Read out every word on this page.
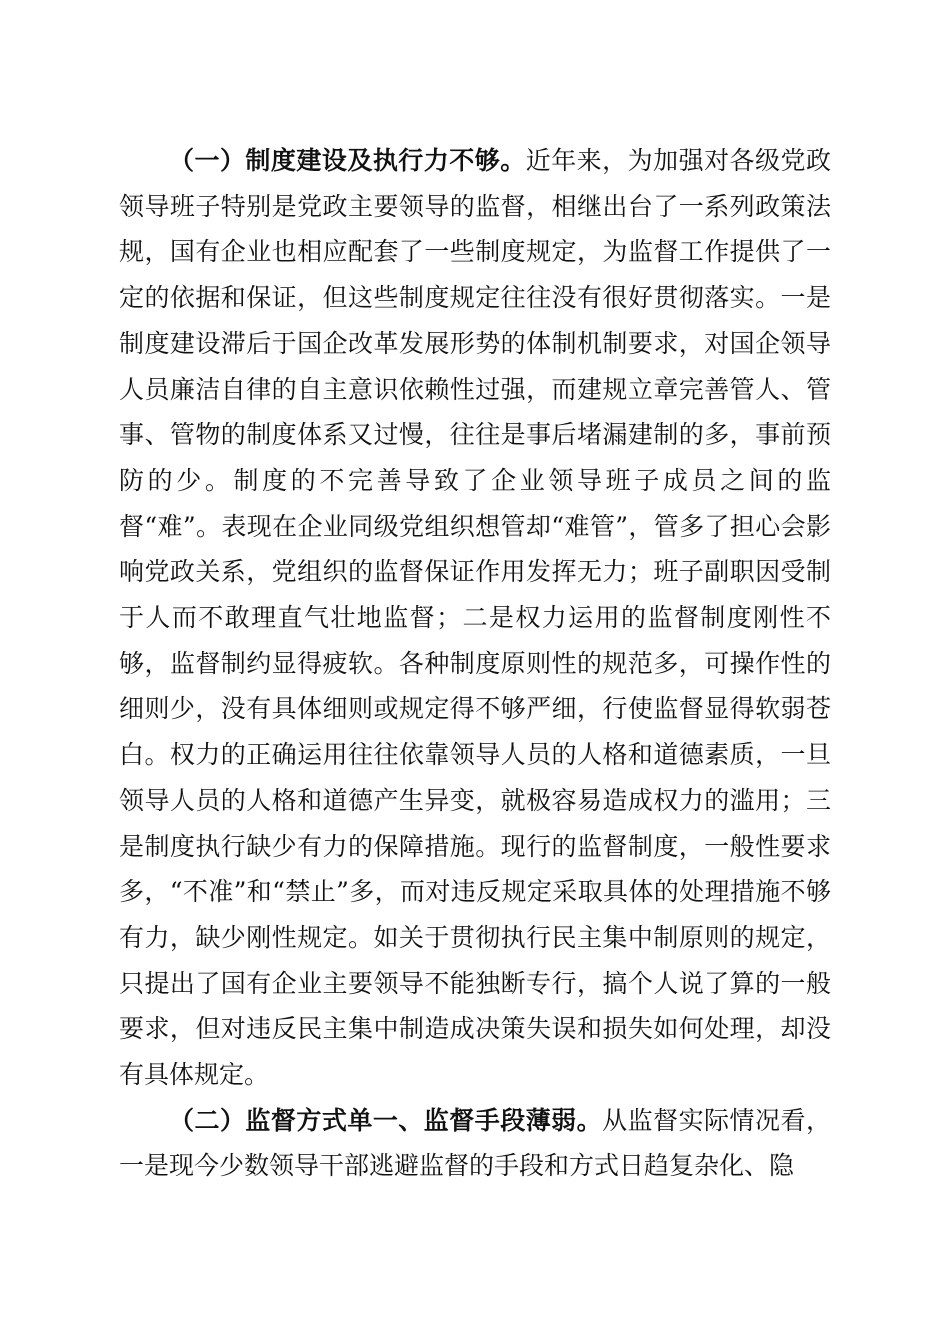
（一）制度建设及执行力不够。近年来，为加强对各级党政领导班子特别是党政主要领导的监督，相继出台了一系列政策法规，国有企业也相应配套了一些制度规定，为监督工作提供了一定的依据和保证，但这些制度规定往往没有很好贯彻落实。一是制度建设滞后于国企改革发展形势的体制机制要求，对国企领导人员廉洁自律的自主意识依赖性过强，而建规立章完善管人、管事、管物的制度体系又过慢，往往是事后堵漏建制的多，事前预防的少。制度的不完善导致了企业领导班子成员之间的监督“难”。表现在企业同级党组织想管却“难管”，管多了担心会影响党政关系，党组织的监督保证作用发挥无力；班子副职因受制于人而不敢理直气壮地监督；二是权力运用的监督制度刚性不够，监督制约显得疲软。各种制度原则性的规范多，可操作性的细则少，没有具体细则或规定得不够严细，行使监督显得软弱苍白。权力的正确运用往往依靠领导人员的人格和道德素质，一旦领导人员的人格和道德产生异变，就极容易造成权力的滥用；三是制度执行缺少有力的保障措施。现行的监督制度，一般性要求多，“不准”和“禁止”多，而对违反规定采取具体的处理措施不够有力，缺少刚性规定。如关于贯彻执行民主集中制原则的规定，只提出了国有企业主要领导不能独断专行，搞个人说了算的一般要求，但对违反民主集中制造成决策失误和损失如何处理，却没有具体规定。

（二）监督方式单一、监督手段薄弱。从监督实际情况看，一是现今少数领导干部逃避监督的手段和方式日趋复杂化、隐
